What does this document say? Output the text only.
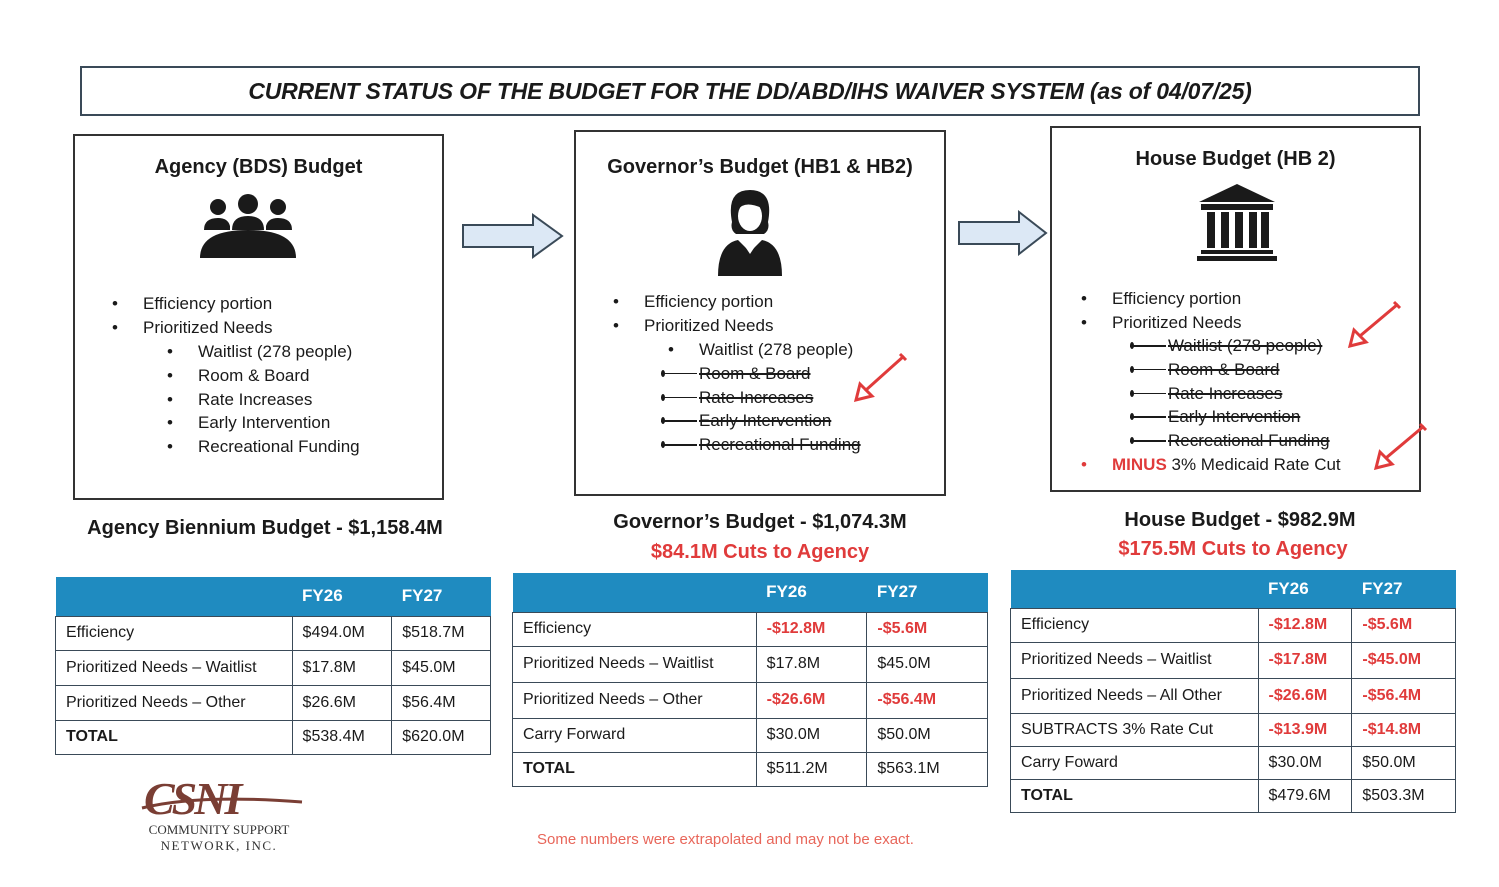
CURRENT STATUS OF THE BUDGET FOR THE DD/ABD/IHS WAIVER SYSTEM (as of 04/07/25)
Agency (BDS) Budget
• Efficiency portion
• Prioritized Needs
• Waitlist (278 people)
• Room & Board
• Rate Increases
• Early Intervention
• Recreational Funding
Governor’s Budget (HB1 & HB2)
• Efficiency portion
• Prioritized Needs
• Waitlist (278 people)
Room & Board
Rate Increases
Early Intervention
Recreational Funding
House Budget (HB 2)
• Efficiency portion
• Prioritized Needs
Waitlist (278 people)
Room & Board
Rate Increases
Early Intervention
Recreational Funding
• MINUS 3% Medicaid Rate Cut
Agency Biennium Budget - $1,158.4M	Governor’s Budget - $1,074.3M
$84.1M Cuts to Agency
House Budget - $982.9M
$175.5M Cuts to Agency
	FY26	FY27
Efficiency	$494.0M	$518.7M
Prioritized Needs – Waitlist	$17.8M	$45.0M
Prioritized Needs – Other	$26.6M	$56.4M
TOTAL	$538.4M	$620.0M
	FY26	FY27
Efficiency	-$12.8M	-$5.6M
Prioritized Needs – Waitlist	$17.8M	$45.0M
Prioritized Needs – Other	-$26.6M	-$56.4M
Carry Forward	$30.0M	$50.0M
TOTAL	$511.2M	$563.1M
	FY26	FY27
Efficiency	-$12.8M	-$5.6M
Prioritized Needs – Waitlist	-$17.8M	-$45.0M
Prioritized Needs – All Other	-$26.6M	-$56.4M
SUBTRACTS 3% Rate Cut	-$13.9M	-$14.8M
Carry Foward	$30.0M	$50.0M
TOTAL	$479.6M	$503.3M
CSNI
COMMUNITY SUPPORT
NETWORK, INC.	Some numbers were extrapolated and may not be exact.
